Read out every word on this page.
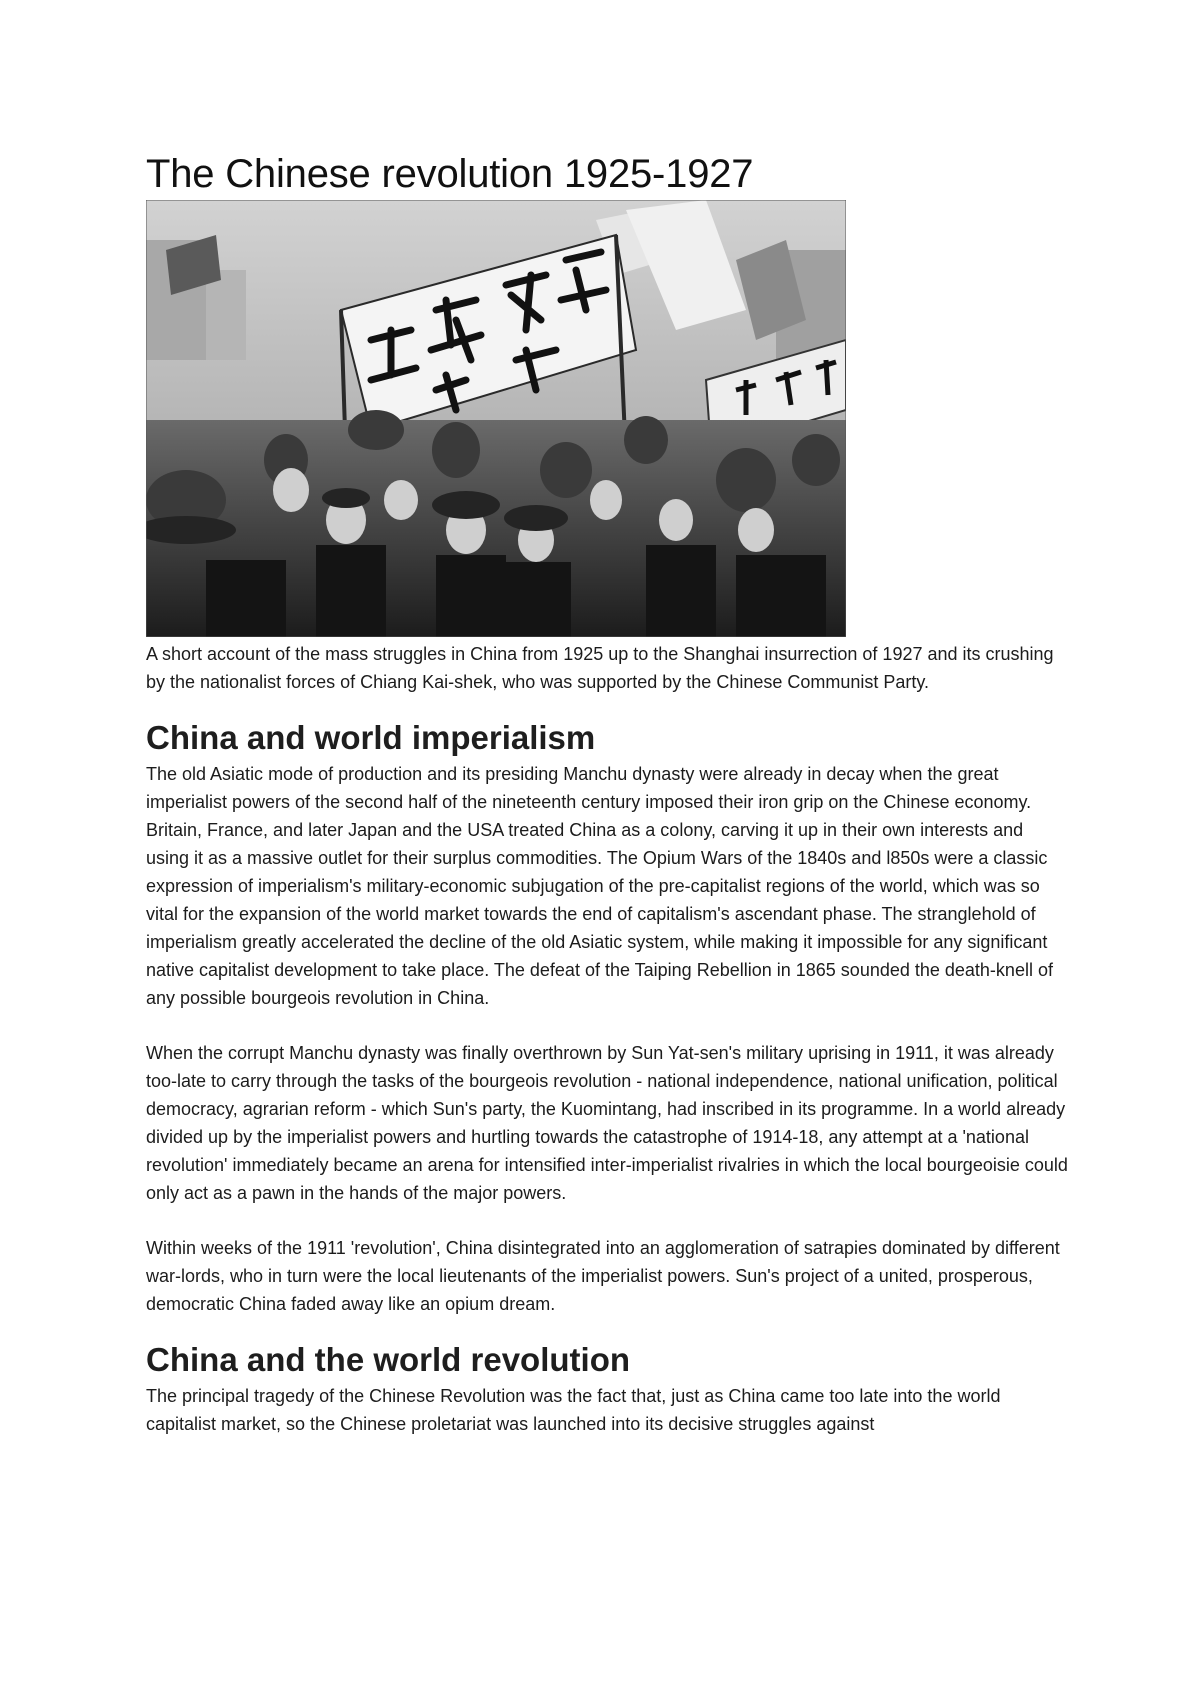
The Chinese revolution 1925-1927

A short account of the mass struggles in China from 1925 up to the Shanghai insurrection of 1927 and its crushing by the nationalist forces of Chiang Kai-shek, who was supported by the Chinese Communist Party.

China and world imperialism

The old Asiatic mode of production and its presiding Manchu dynasty were already in decay when the great imperialist powers of the second half of the nineteenth century imposed their iron grip on the Chinese economy. Britain, France, and later Japan and the USA treated China as a colony, carving it up in their own interests and using it as a massive outlet for their surplus commodities. The Opium Wars of the 1840s and l850s were a classic expression of imperialism's military-economic subjugation of the pre-capitalist regions of the world, which was so vital for the expansion of the world market towards the end of capitalism's ascendant phase. The stranglehold of imperialism greatly accelerated the decline of the old Asiatic system, while making it impossible for any significant native capitalist development to take place. The defeat of the Taiping Rebellion in 1865 sounded the death-knell of any possible bourgeois revolution in China.

When the corrupt Manchu dynasty was finally overthrown by Sun Yat-sen's military uprising in 1911, it was already too-late to carry through the tasks of the bourgeois revolution - national independence, national unification, political democracy, agrarian reform - which Sun's party, the Kuomintang, had inscribed in its programme. In a world already divided up by the imperialist powers and hurtling towards the catastrophe of 1914-18, any attempt at a 'national revolution' immediately became an arena for intensified inter-imperialist rivalries in which the local bourgeoisie could only act as a pawn in the hands of the major powers.

Within weeks of the 1911 'revolution', China disintegrated into an agglomeration of satrapies dominated by different war-lords, who in turn were the local lieutenants of the imperialist powers. Sun's project of a united, prosperous, democratic China faded away like an opium dream.

China and the world revolution

The principal tragedy of the Chinese Revolution was the fact that, just as China came too late into the world capitalist market, so the Chinese proletariat was launched into its decisive struggles against
